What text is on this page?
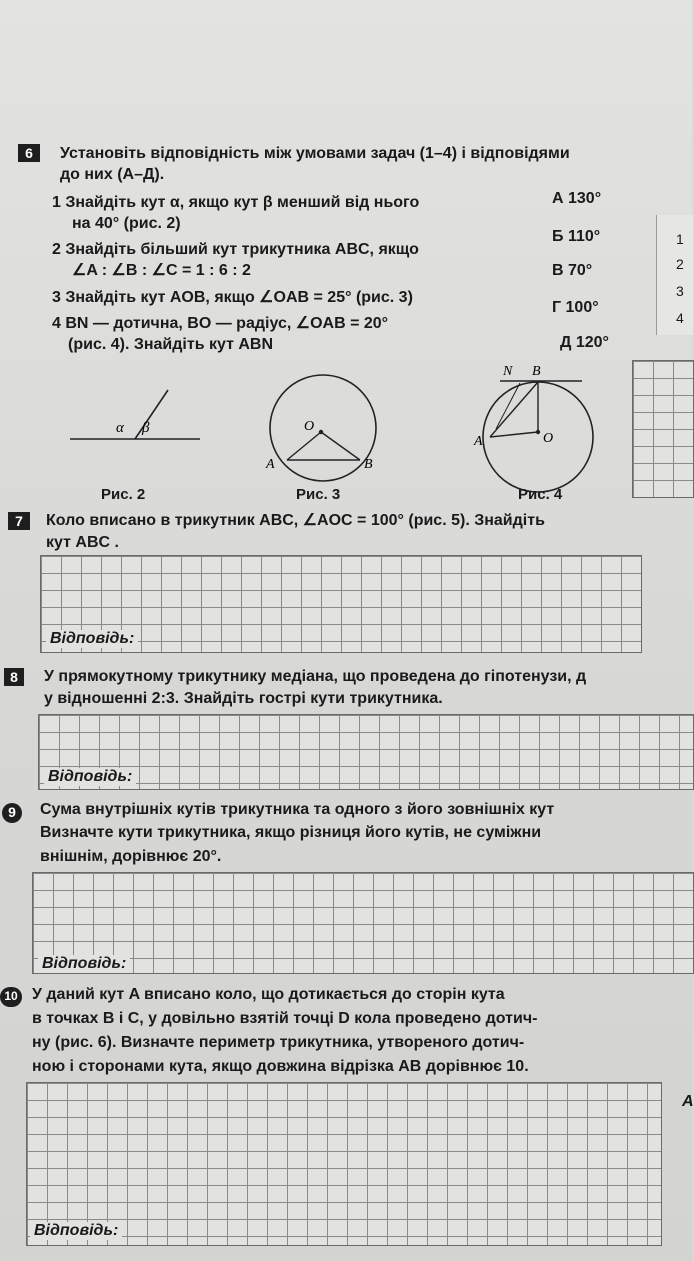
6	Установіть відповідність між умовами задач (1–4) і відповідями
до них (А–Д).
1 Знайдіть кут α, якщо кут β менший від нього
на 40° (рис. 2)
2 Знайдіть більший кут трикутника ABC, якщо
∠A : ∠B : ∠C = 1 : 6 : 2
3 Знайдіть кут AOB, якщо ∠OAB = 25° (рис. 3)
4 BN — дотична, BO — радіус, ∠OAB = 20°
(рис. 4). Знайдіть кут ABN
А 130°
Б 110°
В 70°
Г 100°
Д 120°
1
2
3
4
α β	O
A	B
N B
A	O
Рис. 2	Рис. 3	Рис. 4
7	Коло вписано в трикутник ABC, ∠AOC = 100° (рис. 5). Знайдіть
кут ABC .
Відповідь:
8	У прямокутному трикутнику медіана, що проведена до гіпотенузи, д
у відношенні 2:3. Знайдіть гострі кути трикутника.
Відповідь:
9	Сума внутрішніх кутів трикутника та одного з його зовнішніх кут
Визначте кути трикутника, якщо різниця його кутів, не суміжни
внішнім, дорівнює 20°.
Відповідь:
10 У даний кут A вписано коло, що дотикається до сторін кута
в точках B і C, у довільно взятій точці D кола проведено дотич-
ну (рис. 6). Визначте периметр трикутника, утвореного дотич-
ною і сторонами кута, якщо довжина відрізка AB дорівнює 10.
A
Відповідь:
